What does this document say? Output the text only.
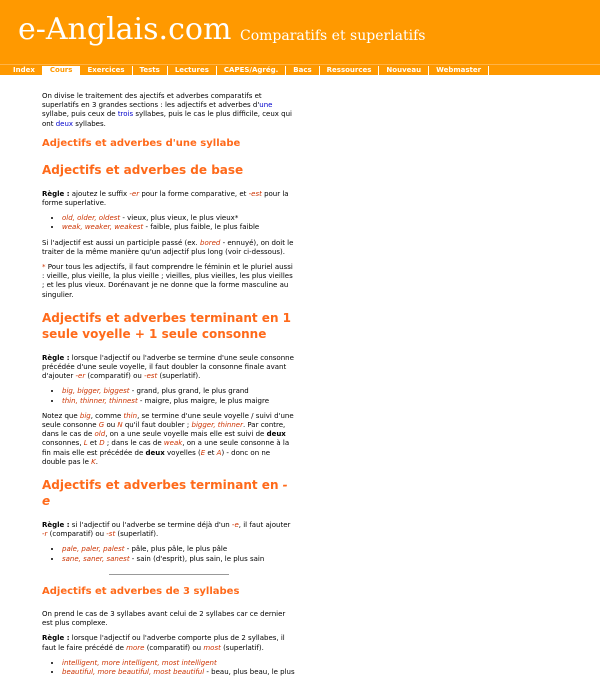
e-Anglais.com Comparatifs et superlatifs
Index	Cours	Exercices	Tests	Lectures	CAPES/Agrég.	Bacs	Ressources	Nouveau	Webmaster

On divise le traitement des ajectifs et adverbes comparatifs et superlatifs en 3 grandes sections : les adjectifs et adverbes d'une syllabe, puis ceux de trois syllabes, puis le cas le plus difficile, ceux qui ont deux syllabes.

Adjectifs et adverbes d'une syllabe
Adjectifs et adverbes de base

Règle : ajoutez le suffix -er pour la forme comparative, et -est pour la forme superlative.

• old, older, oldest - vieux, plus vieux, le plus vieux*
• weak, weaker, weakest - faible, plus faible, le plus faible

Si l'adjectif est aussi un participle passé (ex. bored - ennuyé), on doit le traiter de la même manière qu'un adjectif plus long (voir ci-dessous).

* Pour tous les adjectifs, il faut comprendre le féminin et le pluriel aussi : vieille, plus vieille, la plus vieille ; vieilles, plus vieilles, les plus vieilles ; et les plus vieux. Dorénavant je ne donne que la forme masculine au singulier.

Adjectifs et adverbes terminant en 1 seule voyelle + 1 seule consonne

Règle : lorsque l'adjectif ou l'adverbe se termine d'une seule consonne précédée d'une seule voyelle, il faut doubler la consonne finale avant d'ajouter -er (comparatif) ou -est (superlatif).

• big, bigger, biggest - grand, plus grand, le plus grand
• thin, thinner, thinnest - maigre, plus maigre, le plus maigre

Notez que big, comme thin, se termine d'une seule voyelle / suivi d'une seule consonne G ou N qu'il faut doubler ; bigger, thinner. Par contre, dans le cas de old, on a une seule voyelle mais elle est suivi de deux consonnes, L et D ; dans le cas de weak, on a une seule consonne à la fin mais elle est précédée de deux voyelles (E et A) - donc on ne double pas le K.

Adjectifs et adverbes terminant en -e

Règle : si l'adjectif ou l'adverbe se termine déjà d'un -e, il faut ajouter -r (comparatif) ou -st (superlatif).

• pale, paler, palest - pâle, plus pâle, le plus pâle
• sane, saner, sanest - sain (d'esprit), plus sain, le plus sain
Adjectifs et adverbes de 3 syllabes

On prend le cas de 3 syllabes avant celui de 2 syllabes car ce dernier est plus complexe.

Règle : lorsque l'adjectif ou l'adverbe comporte plus de 2 syllabes, il faut le faire précédé de more (comparatif) ou most (superlatif).

• intelligent, more intelligent, most intelligent
• beautiful, more beautiful, most beautiful - beau, plus beau, le plus
